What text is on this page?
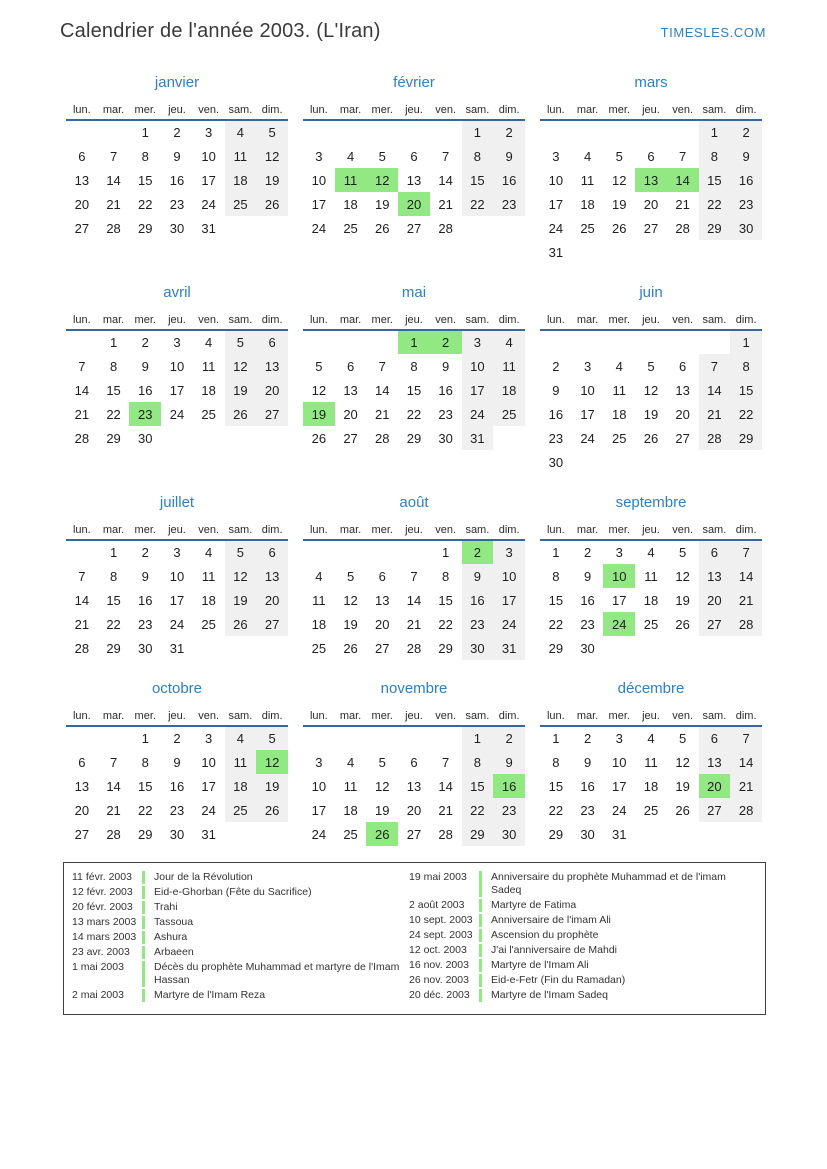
Calendrier de l'année 2003. (L'Iran)	TIMESLES.COM
janvier
lun.	mar.	mer.	jeu.	ven.	sam.	dim.
		1	2	3	4	5
6	7	8	9	10	11	12
13	14	15	16	17	18	19
20	21	22	23	24	25	26
27	28	29	30	31		
février
lun.	mar.	mer.	jeu.	ven.	sam.	dim.
					1	2
3	4	5	6	7	8	9
10	11	12	13	14	15	16
17	18	19	20	21	22	23
24	25	26	27	28		
mars
lun.	mar.	mer.	jeu.	ven.	sam.	dim.
					1	2
3	4	5	6	7	8	9
10	11	12	13	14	15	16
17	18	19	20	21	22	23
24	25	26	27	28	29	30
31						
avril
lun.	mar.	mer.	jeu.	ven.	sam.	dim.
	1	2	3	4	5	6
7	8	9	10	11	12	13
14	15	16	17	18	19	20
21	22	23	24	25	26	27
28	29	30				
mai
lun.	mar.	mer.	jeu.	ven.	sam.	dim.
			1	2	3	4
5	6	7	8	9	10	11
12	13	14	15	16	17	18
19	20	21	22	23	24	25
26	27	28	29	30	31	
juin
lun.	mar.	mer.	jeu.	ven.	sam.	dim.
						1
2	3	4	5	6	7	8
9	10	11	12	13	14	15
16	17	18	19	20	21	22
23	24	25	26	27	28	29
30						
juillet
lun.	mar.	mer.	jeu.	ven.	sam.	dim.
	1	2	3	4	5	6
7	8	9	10	11	12	13
14	15	16	17	18	19	20
21	22	23	24	25	26	27
28	29	30	31			
août
lun.	mar.	mer.	jeu.	ven.	sam.	dim.
				1	2	3
4	5	6	7	8	9	10
11	12	13	14	15	16	17
18	19	20	21	22	23	24
25	26	27	28	29	30	31
septembre
lun.	mar.	mer.	jeu.	ven.	sam.	dim.
1	2	3	4	5	6	7
8	9	10	11	12	13	14
15	16	17	18	19	20	21
22	23	24	25	26	27	28
29	30					
octobre
lun.	mar.	mer.	jeu.	ven.	sam.	dim.
		1	2	3	4	5
6	7	8	9	10	11	12
13	14	15	16	17	18	19
20	21	22	23	24	25	26
27	28	29	30	31		
novembre
lun.	mar.	mer.	jeu.	ven.	sam.	dim.
					1	2
3	4	5	6	7	8	9
10	11	12	13	14	15	16
17	18	19	20	21	22	23
24	25	26	27	28	29	30
décembre
lun.	mar.	mer.	jeu.	ven.	sam.	dim.
1	2	3	4	5	6	7
8	9	10	11	12	13	14
15	16	17	18	19	20	21
22	23	24	25	26	27	28
29	30	31				
11 févr. 2003	Jour de la Révolution
12 févr. 2003	Eid-e-Ghorban (Fête du Sacrifice)
20 févr. 2003	Trahi
13 mars 2003	Tassoua
14 mars 2003	Ashura
23 avr. 2003	Arbaeen
1 mai 2003	Décès du prophète Muhammad et martyre de l'Imam Hassan
2 mai 2003	Martyre de l'Imam Reza
19 mai 2003	Anniversaire du prophète Muhammad et de l'imam Sadeq
2 août 2003	Martyre de Fatima
10 sept. 2003	Anniversaire de l'imam Ali
24 sept. 2003	Ascension du prophète
12 oct. 2003	J'ai l'anniversaire de Mahdi
16 nov. 2003	Martyre de l'Imam Ali
26 nov. 2003	Eid-e-Fetr (Fin du Ramadan)
20 déc. 2003	Martyre de l'Imam Sadeq
